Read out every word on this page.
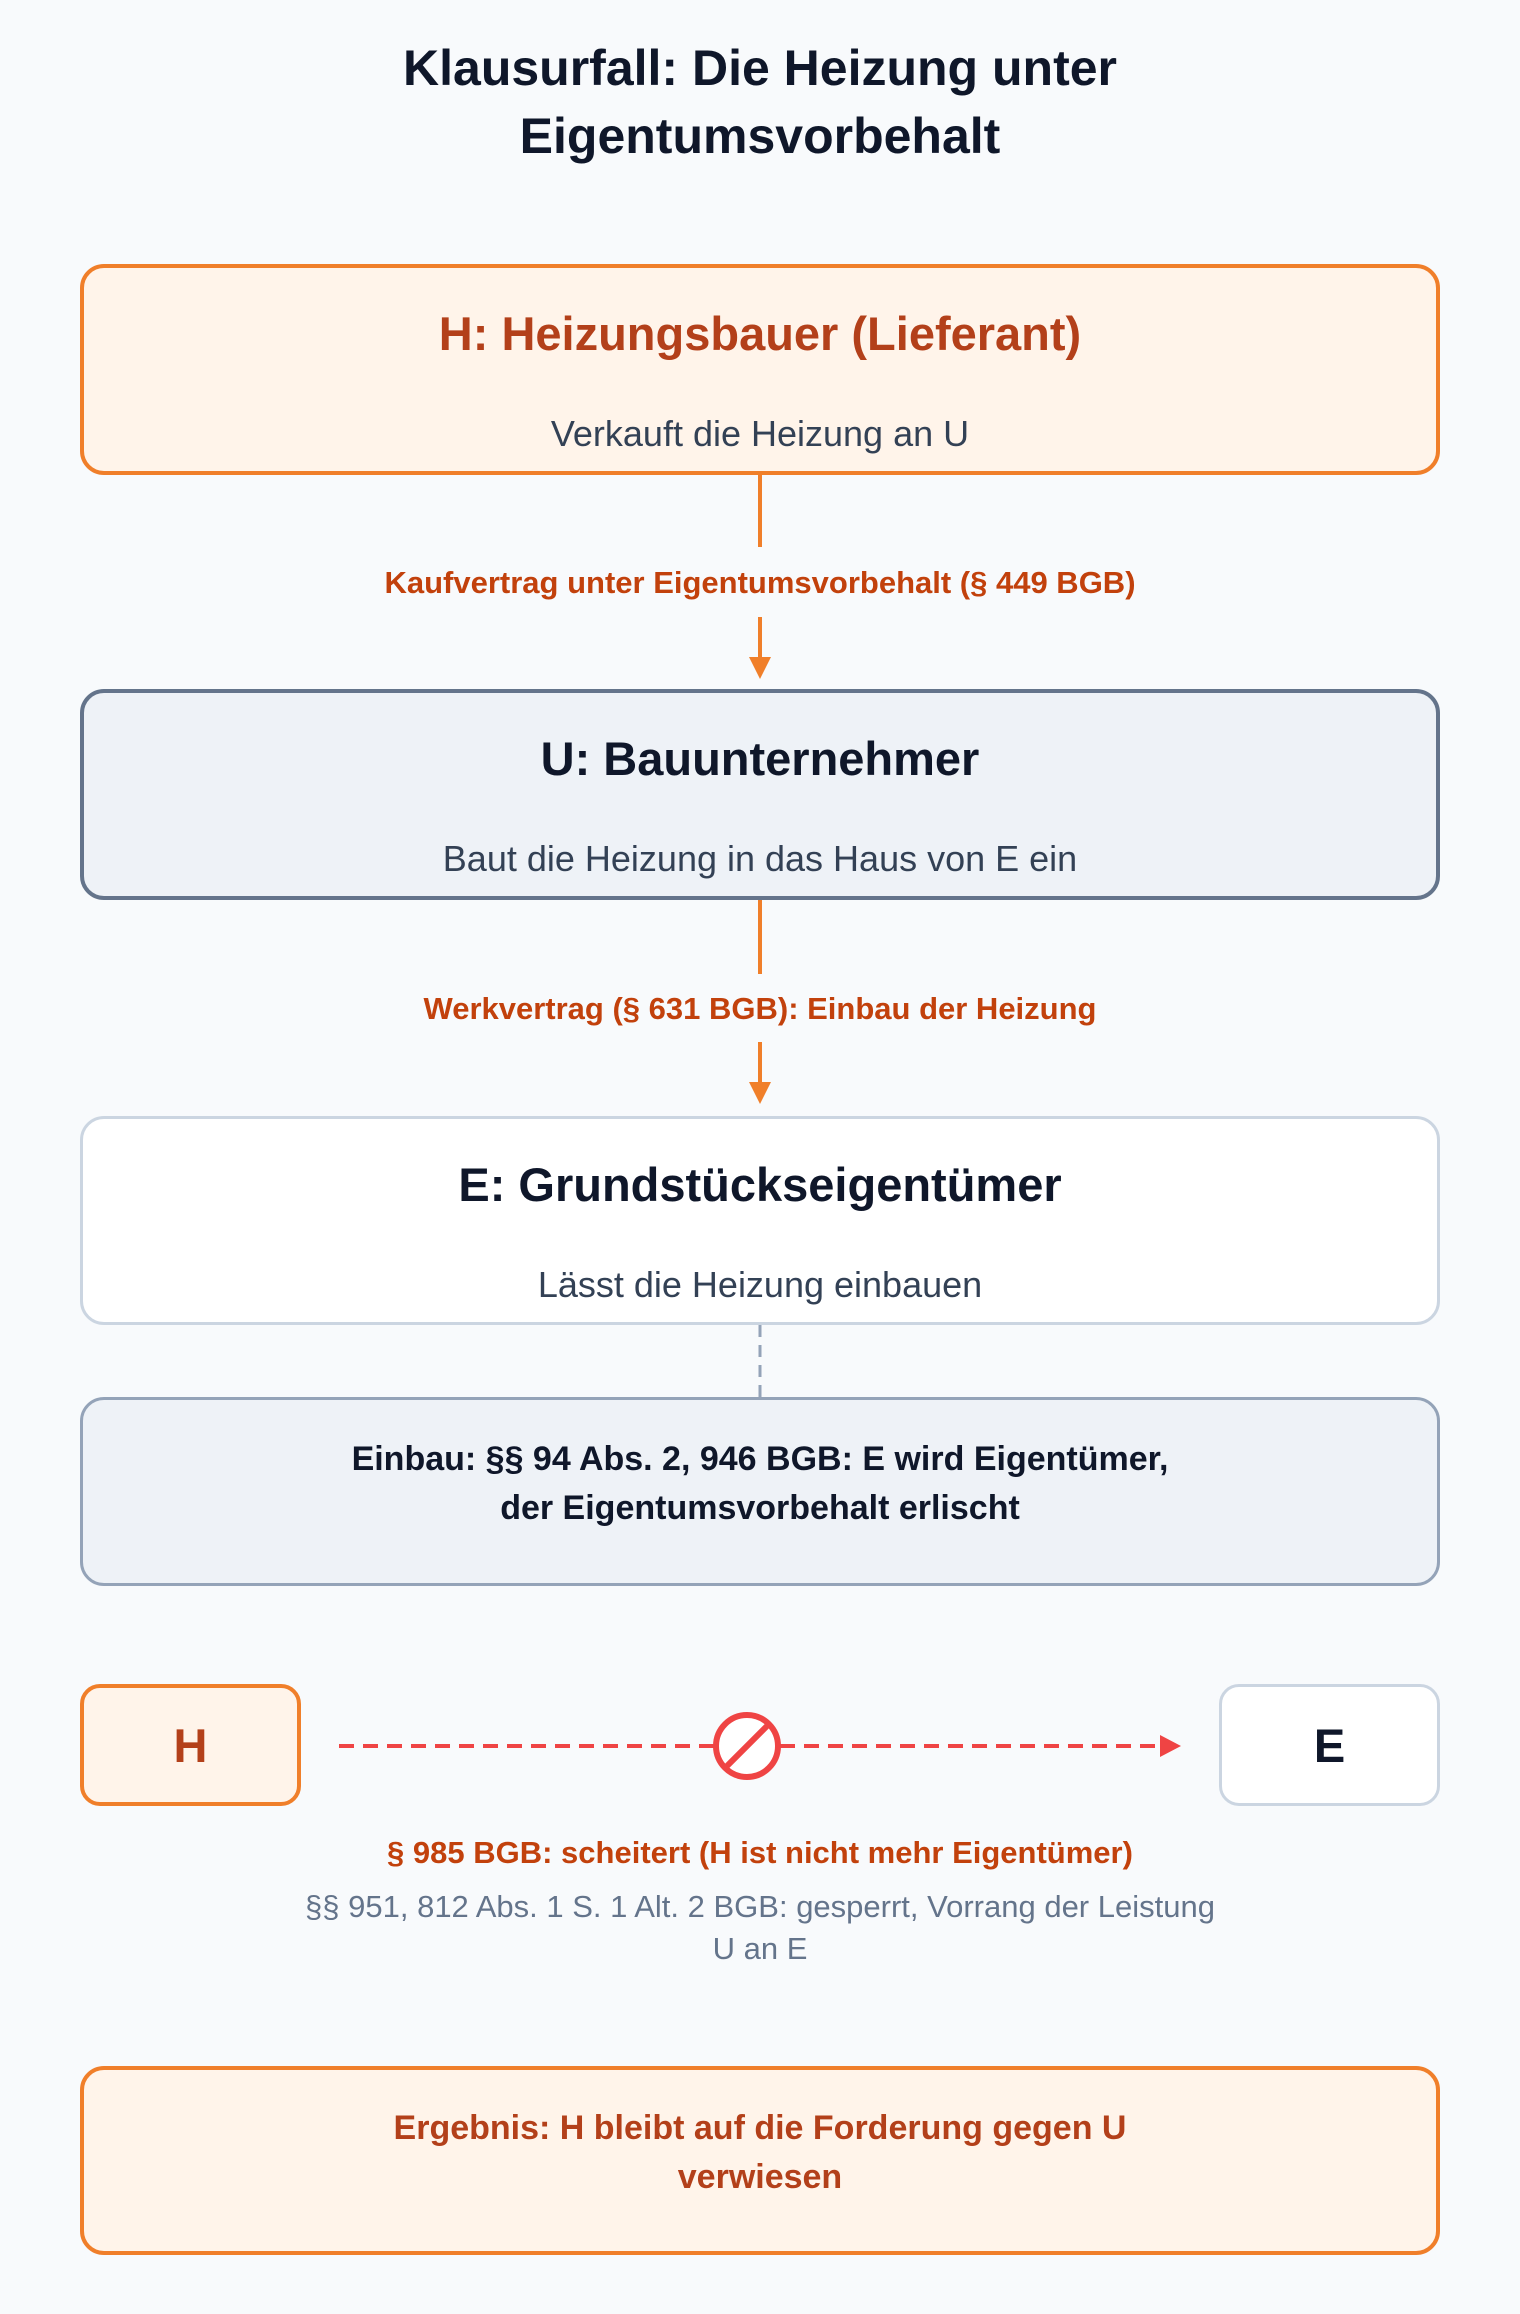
Klausurfall: Die Heizung unter
Eigentumsvorbehalt
H: Heizungsbauer (Lieferant)
Verkauft die Heizung an U
Kaufvertrag unter Eigentumsvorbehalt (§ 449 BGB)
U: Bauunternehmer
Baut die Heizung in das Haus von E ein
Werkvertrag (§ 631 BGB): Einbau der Heizung
E: Grundstückseigentümer
Lässt die Heizung einbauen
Einbau: §§ 94 Abs. 2, 946 BGB: E wird Eigentümer,
der Eigentumsvorbehalt erlischt
H	E
§ 985 BGB: scheitert (H ist nicht mehr Eigentümer)
§§ 951, 812 Abs. 1 S. 1 Alt. 2 BGB: gesperrt, Vorrang der Leistung
U an E
Ergebnis: H bleibt auf die Forderung gegen U
verwiesen
